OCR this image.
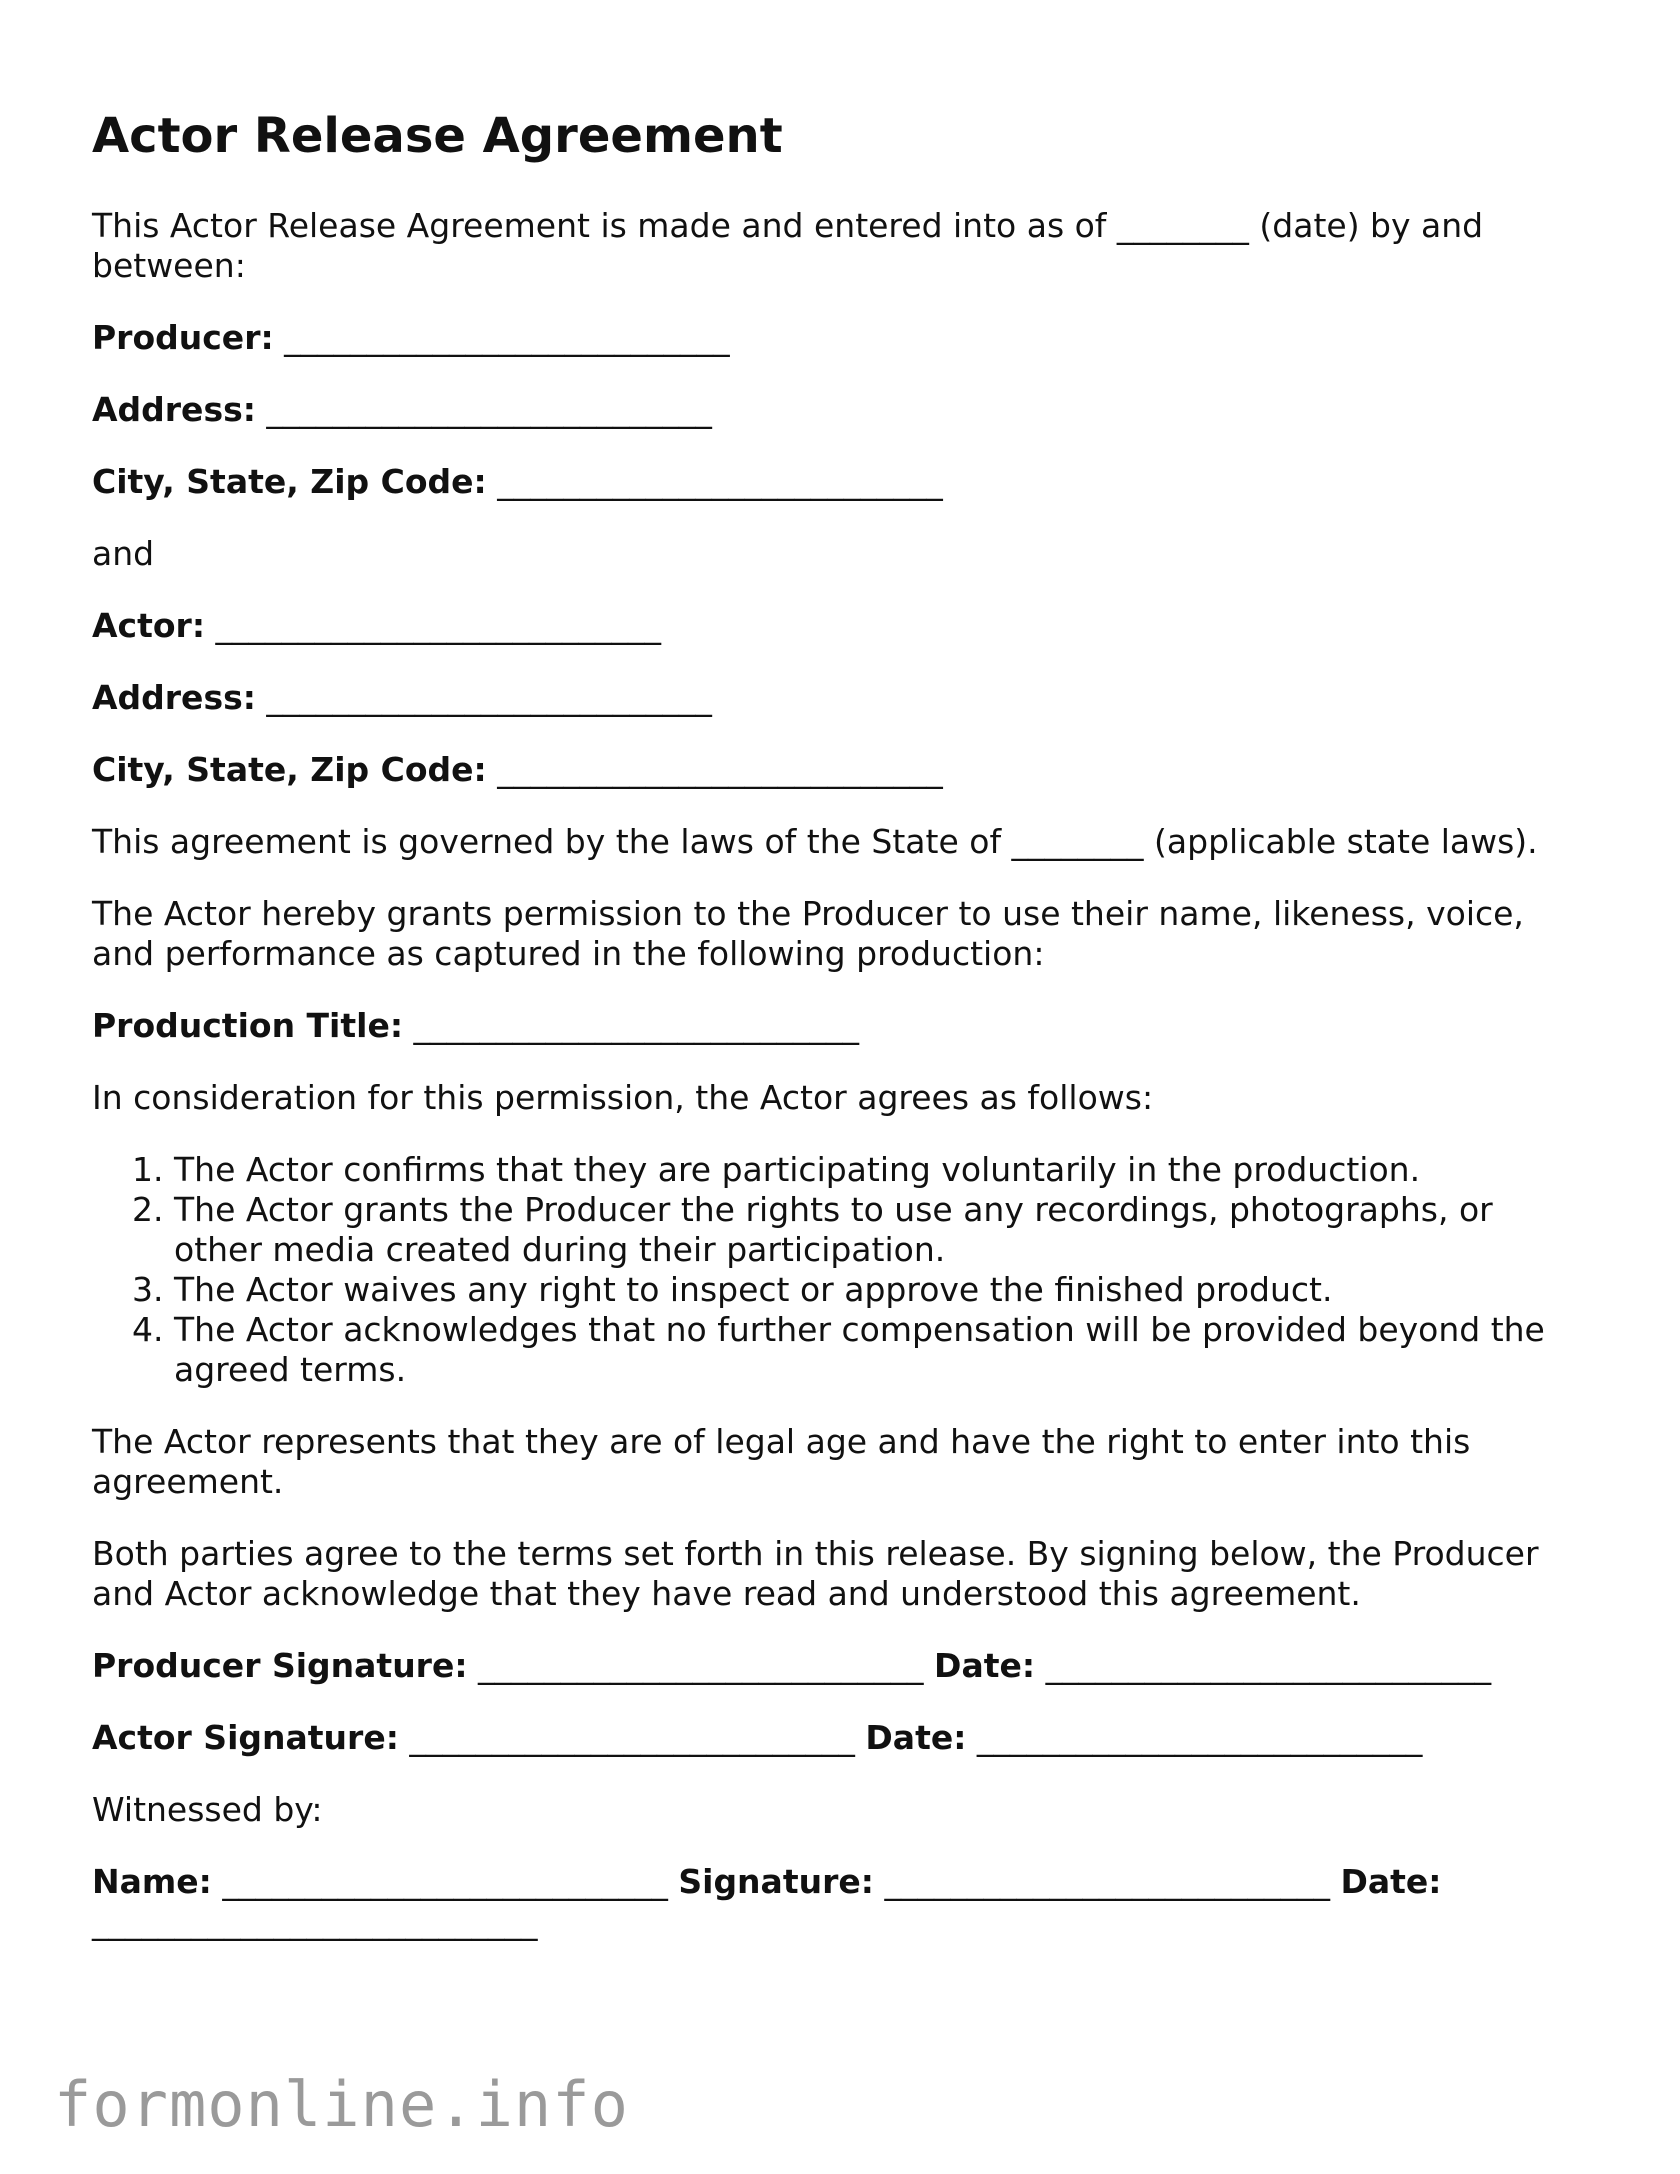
Actor Release Agreement

This Actor Release Agreement is made and entered into as of ________ (date) by and between:

Producer: ___________________________

Address: ___________________________

City, State, Zip Code: ___________________________

and

Actor: ___________________________

Address: ___________________________

City, State, Zip Code: ___________________________

This agreement is governed by the laws of the State of ________ (applicable state laws).

The Actor hereby grants permission to the Producer to use their name, likeness, voice, and performance as captured in the following production:

Production Title: ___________________________

In consideration for this permission, the Actor agrees as follows:

1. The Actor confirms that they are participating voluntarily in the production.
2. The Actor grants the Producer the rights to use any recordings, photographs, or other media created during their participation.
3. The Actor waives any right to inspect or approve the finished product.
4. The Actor acknowledges that no further compensation will be provided beyond the agreed terms.

The Actor represents that they are of legal age and have the right to enter into this agreement.

Both parties agree to the terms set forth in this release. By signing below, the Producer and Actor acknowledge that they have read and understood this agreement.

Producer Signature: ___________________________ Date: ___________________________

Actor Signature: ___________________________ Date: ___________________________

Witnessed by:

Name: ___________________________ Signature: ___________________________ Date: ___________________________

formonline.info
